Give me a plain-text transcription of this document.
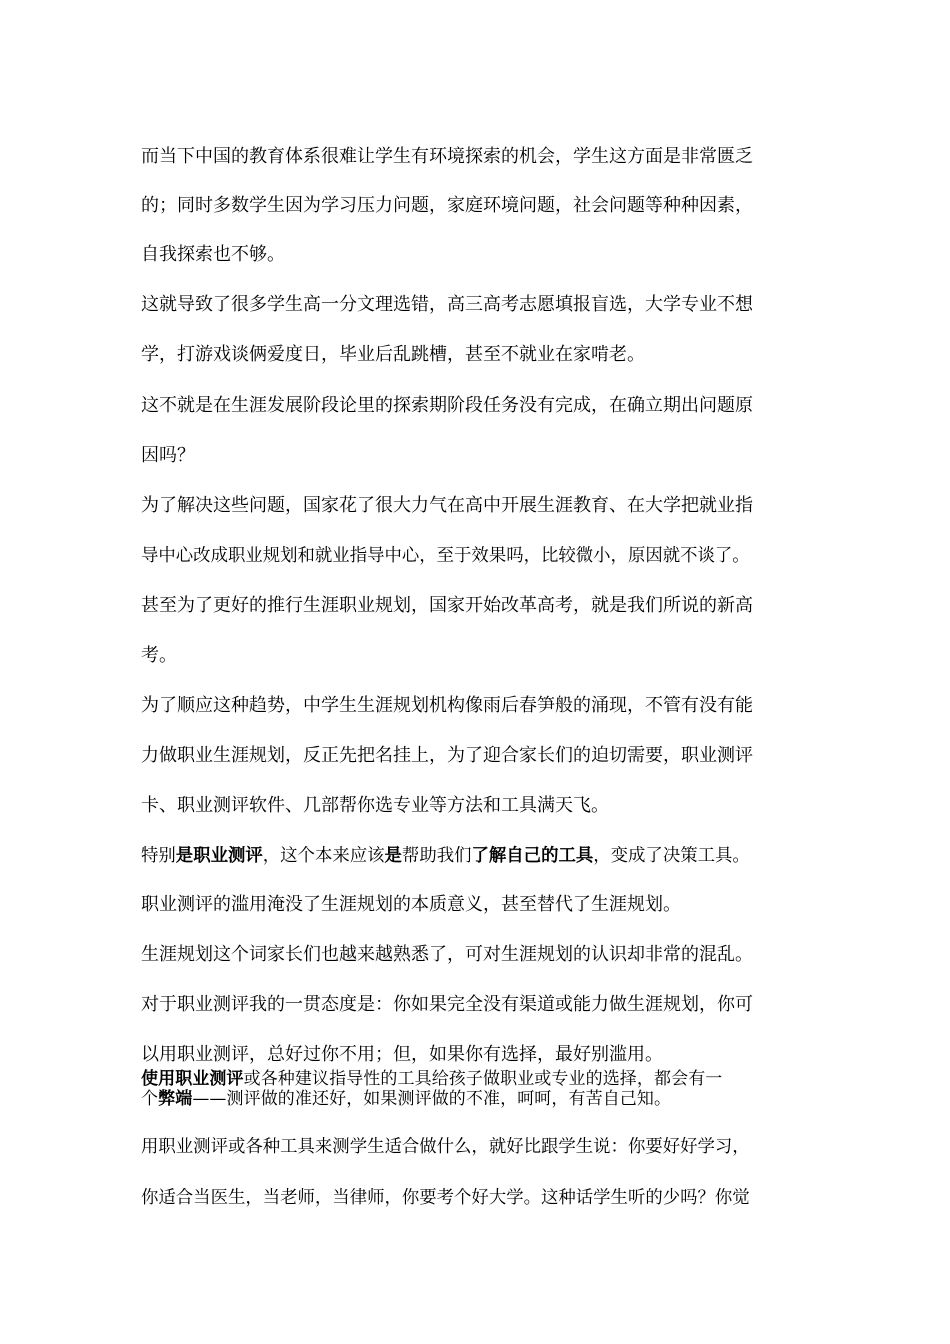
而当下中国的教育体系很难让学生有环境探索的机会，学生这方面是非常匮乏
的；同时多数学生因为学习压力问题，家庭环境问题，社会问题等种种因素，
自我探索也不够。
这就导致了很多学生高一分文理选错，高三高考志愿填报盲选，大学专业不想
学，打游戏谈俩爱度日，毕业后乱跳槽，甚至不就业在家啃老。
这不就是在生涯发展阶段论里的探索期阶段任务没有完成，在确立期出问题原
因吗？
为了解决这些问题，国家花了很大力气在高中开展生涯教育、在大学把就业指
导中心改成职业规划和就业指导中心，至于效果吗，比较微小，原因就不谈了。
甚至为了更好的推行生涯职业规划，国家开始改革高考，就是我们所说的新高
考。
为了顺应这种趋势，中学生生涯规划机构像雨后春笋般的涌现，不管有没有能
力做职业生涯规划，反正先把名挂上，为了迎合家长们的迫切需要，职业测评
卡、职业测评软件、几部帮你选专业等方法和工具满天飞。
特别是职业测评，这个本来应该是帮助我们了解自己的工具，变成了决策工具。
职业测评的滥用淹没了生涯规划的本质意义，甚至替代了生涯规划。
生涯规划这个词家长们也越来越熟悉了，可对生涯规划的认识却非常的混乱。
对于职业测评我的一贯态度是：你如果完全没有渠道或能力做生涯规划，你可
以用职业测评，总好过你不用；但，如果你有选择，最好别滥用。
使用职业测评或各种建议指导性的工具给孩子做职业或专业的选择，都会有一
个弊端——测评做的准还好，如果测评做的不准，呵呵，有苦自己知。
用职业测评或各种工具来测学生适合做什么，就好比跟学生说：你要好好学习，
你适合当医生，当老师，当律师，你要考个好大学。这种话学生听的少吗？你觉
